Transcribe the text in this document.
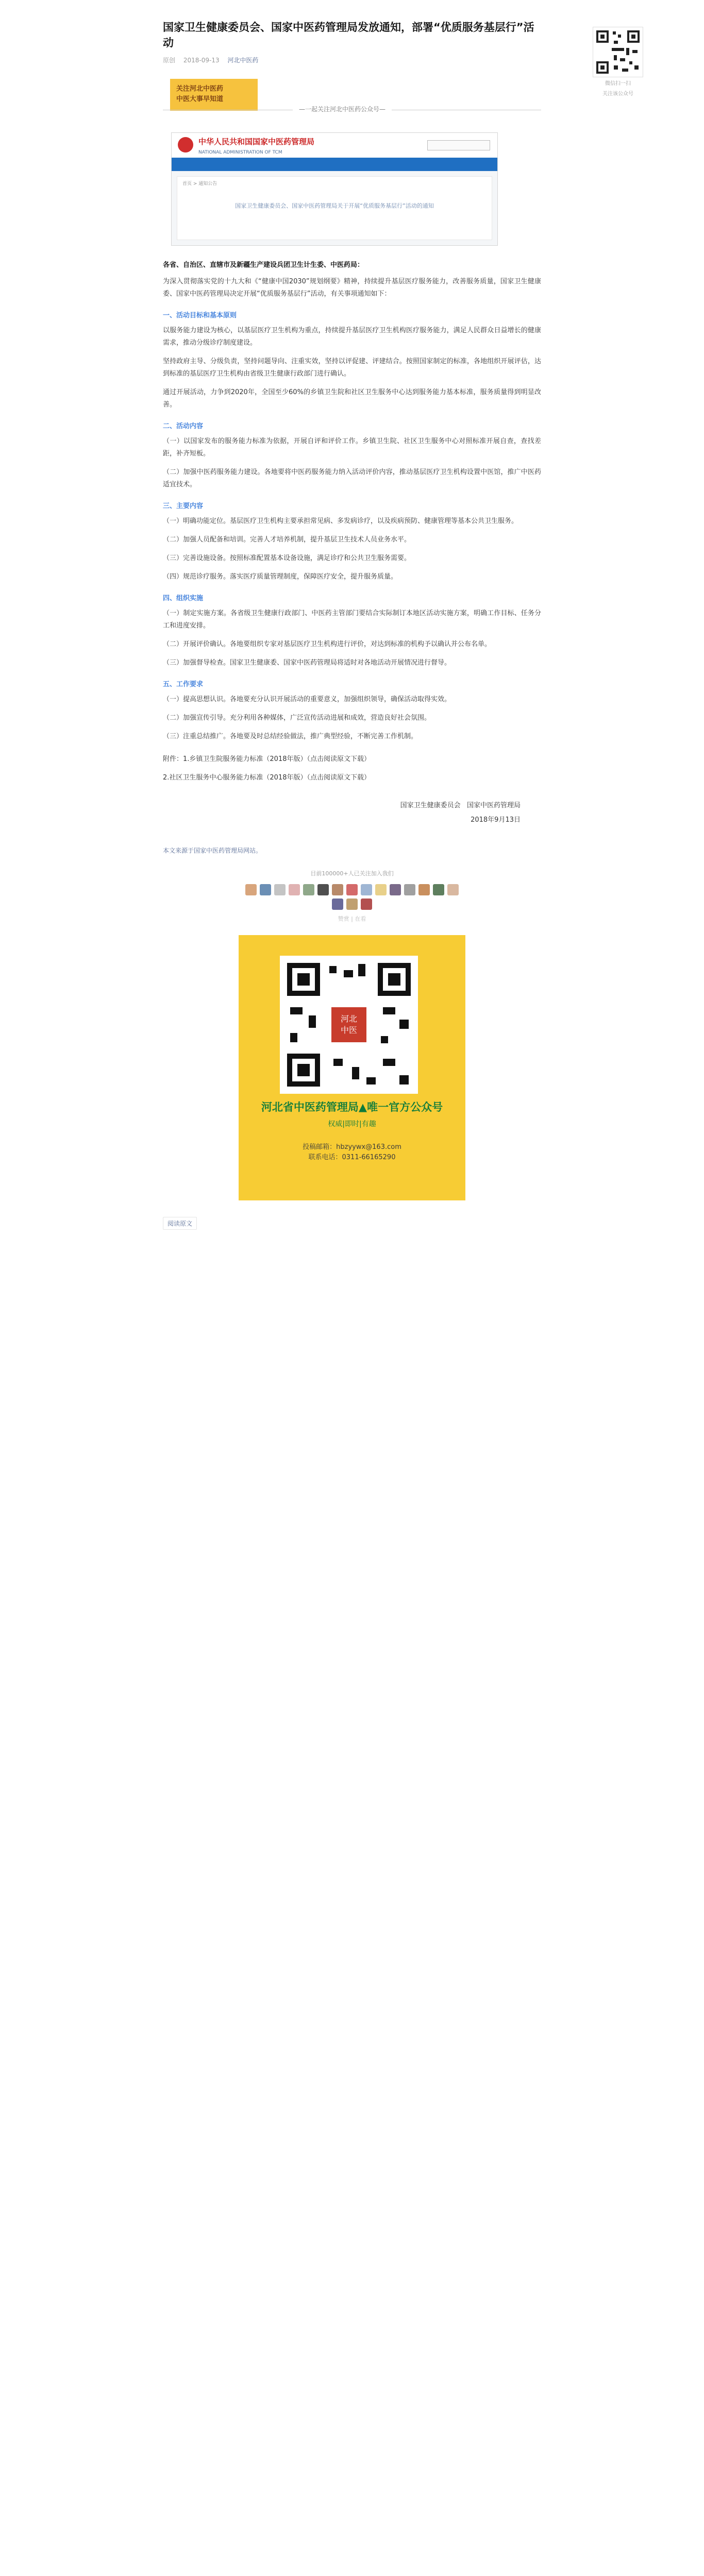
微信扫一扫
关注该公众号
国家卫生健康委员会、国家中医药管理局发放通知，部署“优质服务基层行”活动
原创 2018-09-13 河北中医药
关注河北中医药
中医大事早知道
—一起关注河北中医药公众号—
中华人民共和国国家中医药管理局
NATIONAL ADMINISTRATION OF TCM
首页 > 通知公告
国家卫生健康委员会、国家中医药管理局关于开展“优质服务基层行”活动的通知

各省、自治区、直辖市及新疆生产建设兵团卫生计生委、中医药局：

为深入贯彻落实党的十九大和《“健康中国2030”规划纲要》精神，持续提升基层医疗服务能力，改善服务质量，国家卫生健康委、国家中医药管理局决定开展“优质服务基层行”活动，有关事项通知如下：

一、活动目标和基本原则

以服务能力建设为核心，以基层医疗卫生机构为重点，持续提升基层医疗卫生机构医疗服务能力，满足人民群众日益增长的健康需求，推动分级诊疗制度建设。

坚持政府主导、分级负责，坚持问题导向、注重实效，坚持以评促建、评建结合。按照国家制定的标准，各地组织开展评估，达到标准的基层医疗卫生机构由省级卫生健康行政部门进行确认。

通过开展活动，力争到2020年，全国至少60%的乡镇卫生院和社区卫生服务中心达到服务能力基本标准，服务质量得到明显改善。

二、活动内容

（一）以国家发布的服务能力标准为依据，开展自评和评价工作。乡镇卫生院、社区卫生服务中心对照标准开展自查，查找差距，补齐短板。

（二）加强中医药服务能力建设。各地要将中医药服务能力纳入活动评价内容，推动基层医疗卫生机构设置中医馆，推广中医药适宜技术。

三、主要内容

（一）明确功能定位。基层医疗卫生机构主要承担常见病、多发病诊疗，以及疾病预防、健康管理等基本公共卫生服务。

（二）加强人员配备和培训。完善人才培养机制，提升基层卫生技术人员业务水平。

（三）完善设施设备。按照标准配置基本设备设施，满足诊疗和公共卫生服务需要。

（四）规范诊疗服务。落实医疗质量管理制度，保障医疗安全，提升服务质量。

四、组织实施

（一）制定实施方案。各省级卫生健康行政部门、中医药主管部门要结合实际制订本地区活动实施方案，明确工作目标、任务分工和进度安排。

（二）开展评价确认。各地要组织专家对基层医疗卫生机构进行评价，对达到标准的机构予以确认并公布名单。

（三）加强督导检查。国家卫生健康委、国家中医药管理局将适时对各地活动开展情况进行督导。

五、工作要求

（一）提高思想认识。各地要充分认识开展活动的重要意义，加强组织领导，确保活动取得实效。

（二）加强宣传引导。充分利用各种媒体，广泛宣传活动进展和成效，营造良好社会氛围。

（三）注重总结推广。各地要及时总结经验做法，推广典型经验，不断完善工作机制。

附件：1.乡镇卫生院服务能力标准（2018年版）（点击阅读原文下载）

2.社区卫生服务中心服务能力标准（2018年版）（点击阅读原文下载）

国家卫生健康委员会 国家中医药管理局
2018年9月13日
本文来源于国家中医药管理局网站。
目前100000+人已关注加入我们
赞赏 | 在看
河北
中医
河北省中医药管理局▲唯一官方公众号
权威|即时|有趣
投稿邮箱：hbzyywx@163.com
联系电话：0311-66165290
阅读原文
